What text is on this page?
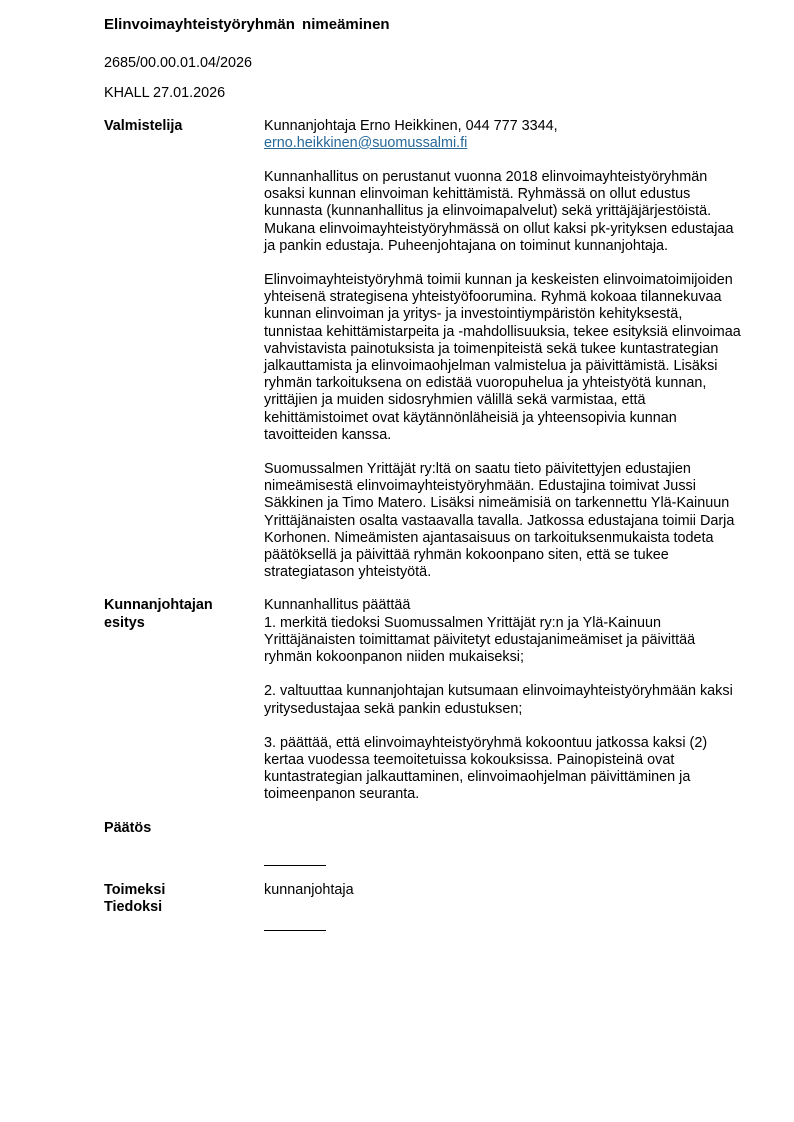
Elinvoimayhteistyöryhmän nimeäminen
2685/00.00.01.04/2026
KHALL 27.01.2026
Valmistelija	Kunnanjohtaja Erno Heikkinen, 044 777 3344,
erno.heikkinen@suomussalmi.fi

Kunnanhallitus on perustanut vuonna 2018 elinvoimayhteistyöryhmän osaksi kunnan elinvoiman kehittämistä. Ryhmässä on ollut edustus kunnasta (kunnanhallitus ja elinvoimapalvelut) sekä yrittäjäjärjestöistä. Mukana elinvoimayhteistyöryhmässä on ollut kaksi pk-yrityksen edustajaa ja pankin edustaja. Puheenjohtajana on toiminut kunnanjohtaja.

Elinvoimayhteistyöryhmä toimii kunnan ja keskeisten elinvoimatoimijoiden yhteisenä strategisena yhteistyöfoorumina. Ryhmä kokoaa tilannekuvaa kunnan elinvoiman ja yritys- ja investointiympäristön kehityksestä, tunnistaa kehittämistarpeita ja -mahdollisuuksia, tekee esityksiä elinvoimaa vahvistavista painotuksista ja toimenpiteistä sekä tukee kuntastrategian jalkauttamista ja elinvoimaohjelman valmistelua ja päivittämistä. Lisäksi ryhmän tarkoituksena on edistää vuoropuhelua ja yhteistyötä kunnan, yrittäjien ja muiden sidosryhmien välillä sekä varmistaa, että kehittämistoimet ovat käytännönläheisiä ja yhteensopivia kunnan tavoitteiden kanssa.

Suomussalmen Yrittäjät ry:ltä on saatu tieto päivitettyjen edustajien nimeämisestä elinvoimayhteistyöryhmään. Edustajina toimivat Jussi Säkkinen ja Timo Matero. Lisäksi nimeämisiä on tarkennettu Ylä-Kainuun Yrittäjänaisten osalta vastaavalla tavalla. Jatkossa edustajana toimii Darja Korhonen. Nimeämisten ajantasaisuus on tarkoituksenmukaista todeta päätöksellä ja päivittää ryhmän kokoonpano siten, että se tukee strategiatason yhteistyötä.

Kunnanjohtajan
esitys
Kunnanhallitus päättää

1. merkitä tiedoksi Suomussalmen Yrittäjät ry:n ja Ylä-Kainuun Yrittäjänaisten toimittamat päivitetyt edustajanimeämiset ja päivittää ryhmän kokoonpanon niiden mukaiseksi;

2. valtuuttaa kunnanjohtajan kutsumaan elinvoimayhteistyöryhmään kaksi yritysedustajaa sekä pankin edustuksen;

3. päättää, että elinvoimayhteistyöryhmä kokoontuu jatkossa kaksi (2) kertaa vuodessa teemoitetuissa kokouksissa. Painopisteinä ovat kuntastrategian jalkauttaminen, elinvoimaohjelman päivittäminen ja toimeenpanon seuranta.

Päätös
Toimeksi
Tiedoksi
kunnanjohtaja
